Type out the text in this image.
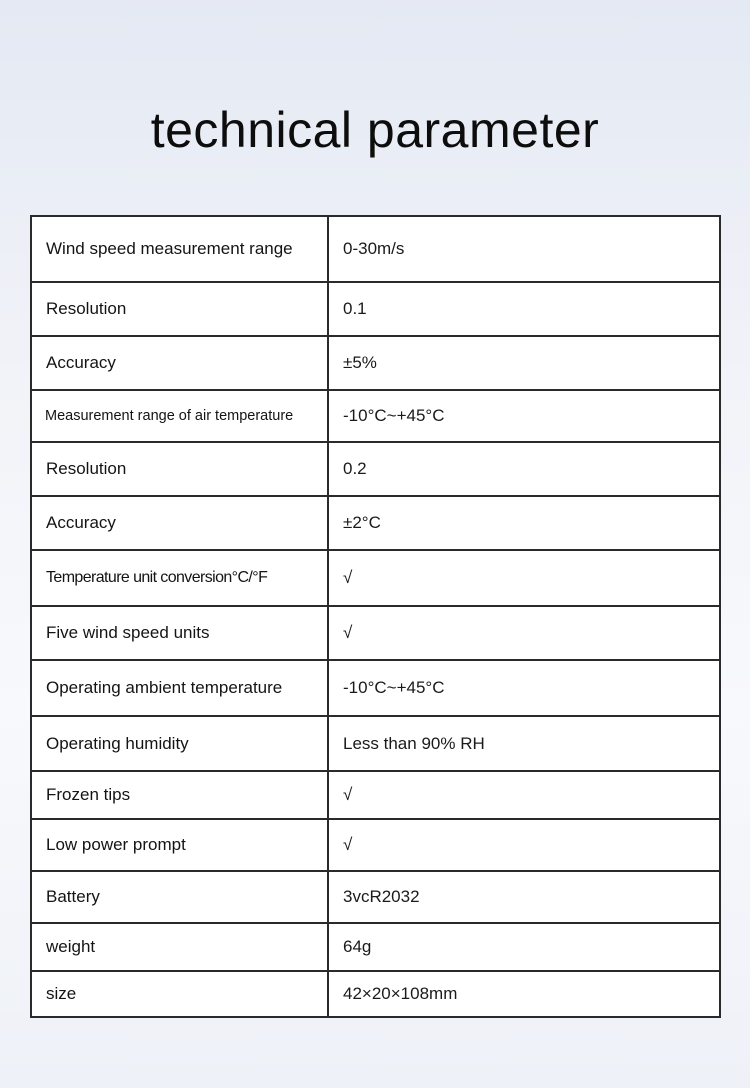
technical parameter
Wind speed measurement range	0-30m/s
Resolution	0.1
Accuracy	±5%
Measurement range of air temperature	-10°C~+45°C
Resolution	0.2
Accuracy	±2°C
Temperature unit conversion°C/°F	√
Five wind speed units	√
Operating ambient temperature	-10°C~+45°C
Operating humidity	Less than 90% RH
Frozen tips	√
Low power prompt	√
Battery	3vcR2032
weight	64g
size	42×20×108mm
